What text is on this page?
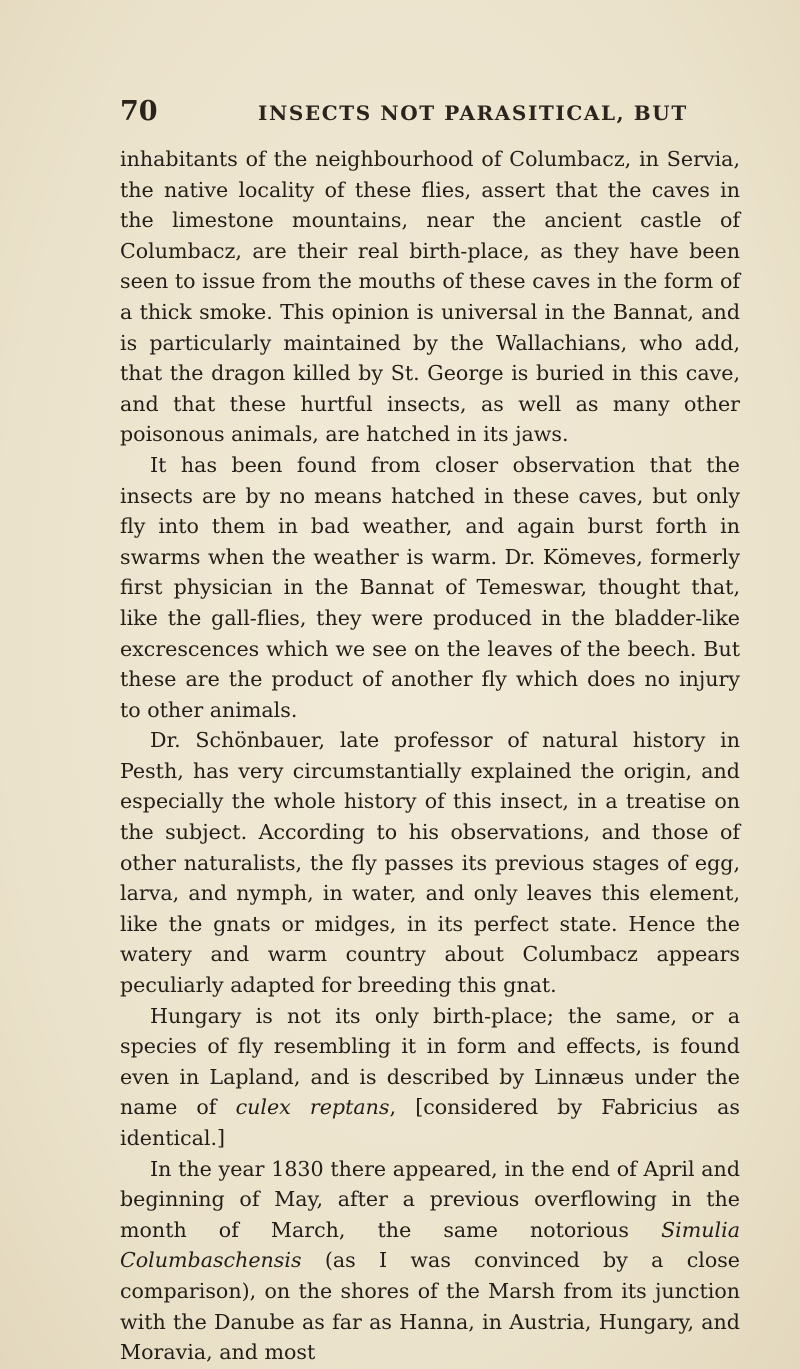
70	INSECTS NOT PARASITICAL, BUT

inhabitants of the neighbourhood of Columbacz, in Servia, the native locality of these flies, assert that the caves in the limestone mountains, near the ancient castle of Columbacz, are their real birth-place, as they have been seen to issue from the mouths of these caves in the form of a thick smoke. This opinion is universal in the Bannat, and is particularly maintained by the Wallachians, who add, that the dragon killed by St. George is buried in this cave, and that these hurtful insects, as well as many other poisonous animals, are hatched in its jaws.

It has been found from closer observation that the insects are by no means hatched in these caves, but only fly into them in bad weather, and again burst forth in swarms when the weather is warm. Dr. Kömeves, formerly first physician in the Bannat of Temeswar, thought that, like the gall-flies, they were produced in the bladder-like excrescences which we see on the leaves of the beech. But these are the product of another fly which does no injury to other animals.

Dr. Schönbauer, late professor of natural history in Pesth, has very circumstantially explained the origin, and especially the whole history of this insect, in a treatise on the subject. According to his observations, and those of other naturalists, the fly passes its previous stages of egg, larva, and nymph, in water, and only leaves this element, like the gnats or midges, in its perfect state. Hence the watery and warm country about Columbacz appears peculiarly adapted for breeding this gnat.

Hungary is not its only birth-place; the same, or a species of fly resembling it in form and effects, is found even in Lapland, and is described by Linnæus under the name of culex reptans, [considered by Fabricius as identical.]

In the year 1830 there appeared, in the end of April and beginning of May, after a previous overflowing in the month of March, the same notorious Simulia Columbaschensis (as I was convinced by a close comparison), on the shores of the Marsh from its junction with the Danube as far as Hanna, in Austria, Hungary, and Moravia, and most
